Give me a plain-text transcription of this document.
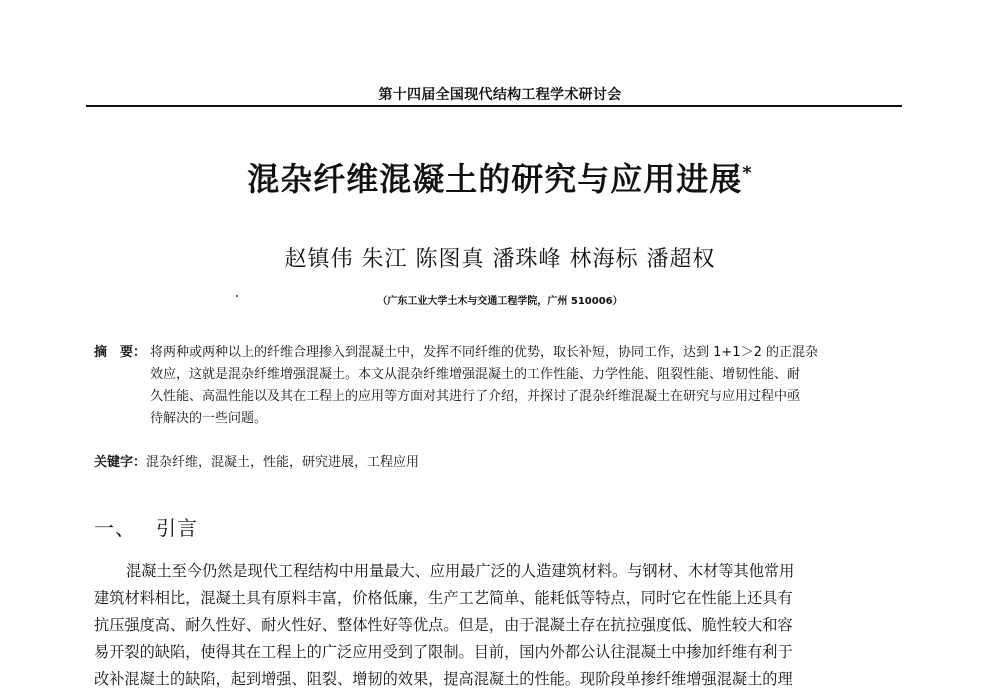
第十四届全国现代结构工程学术研讨会
混杂纤维混凝土的研究与应用进展*
赵镇伟 朱江 陈图真 潘珠峰 林海标 潘超权
（广东工业大学土木与交通工程学院，广州 510006）
摘　要： 将两种或两种以上的纤维合理掺入到混凝土中，发挥不同纤维的优势，取长补短，协同工作，达到 1+1＞2 的正混杂
效应，这就是混杂纤维增强混凝土。本文从混杂纤维增强混凝土的工作性能、力学性能、阻裂性能、增韧性能、耐
久性能、高温性能以及其在工程上的应用等方面对其进行了介绍，并探讨了混杂纤维混凝土在研究与应用过程中亟
待解决的一些问题。
关键字： 混杂纤维，混凝土，性能，研究进展，工程应用
一、	引言
混凝土至今仍然是现代工程结构中用量最大、应用最广泛的人造建筑材料。与钢材、木材等其他常用
建筑材料相比，混凝土具有原料丰富，价格低廉，生产工艺简单、能耗低等特点，同时它在性能上还具有
抗压强度高、耐久性好、耐火性好、整体性好等优点。但是，由于混凝土存在抗拉强度低、脆性较大和容
易开裂的缺陷，使得其在工程上的广泛应用受到了限制。目前，国内外都公认往混凝土中掺加纤维有利于
改补混凝土的缺陷，起到增强、阻裂、增韧的效果，提高混凝土的性能。现阶段单掺纤维增强混凝土的理
